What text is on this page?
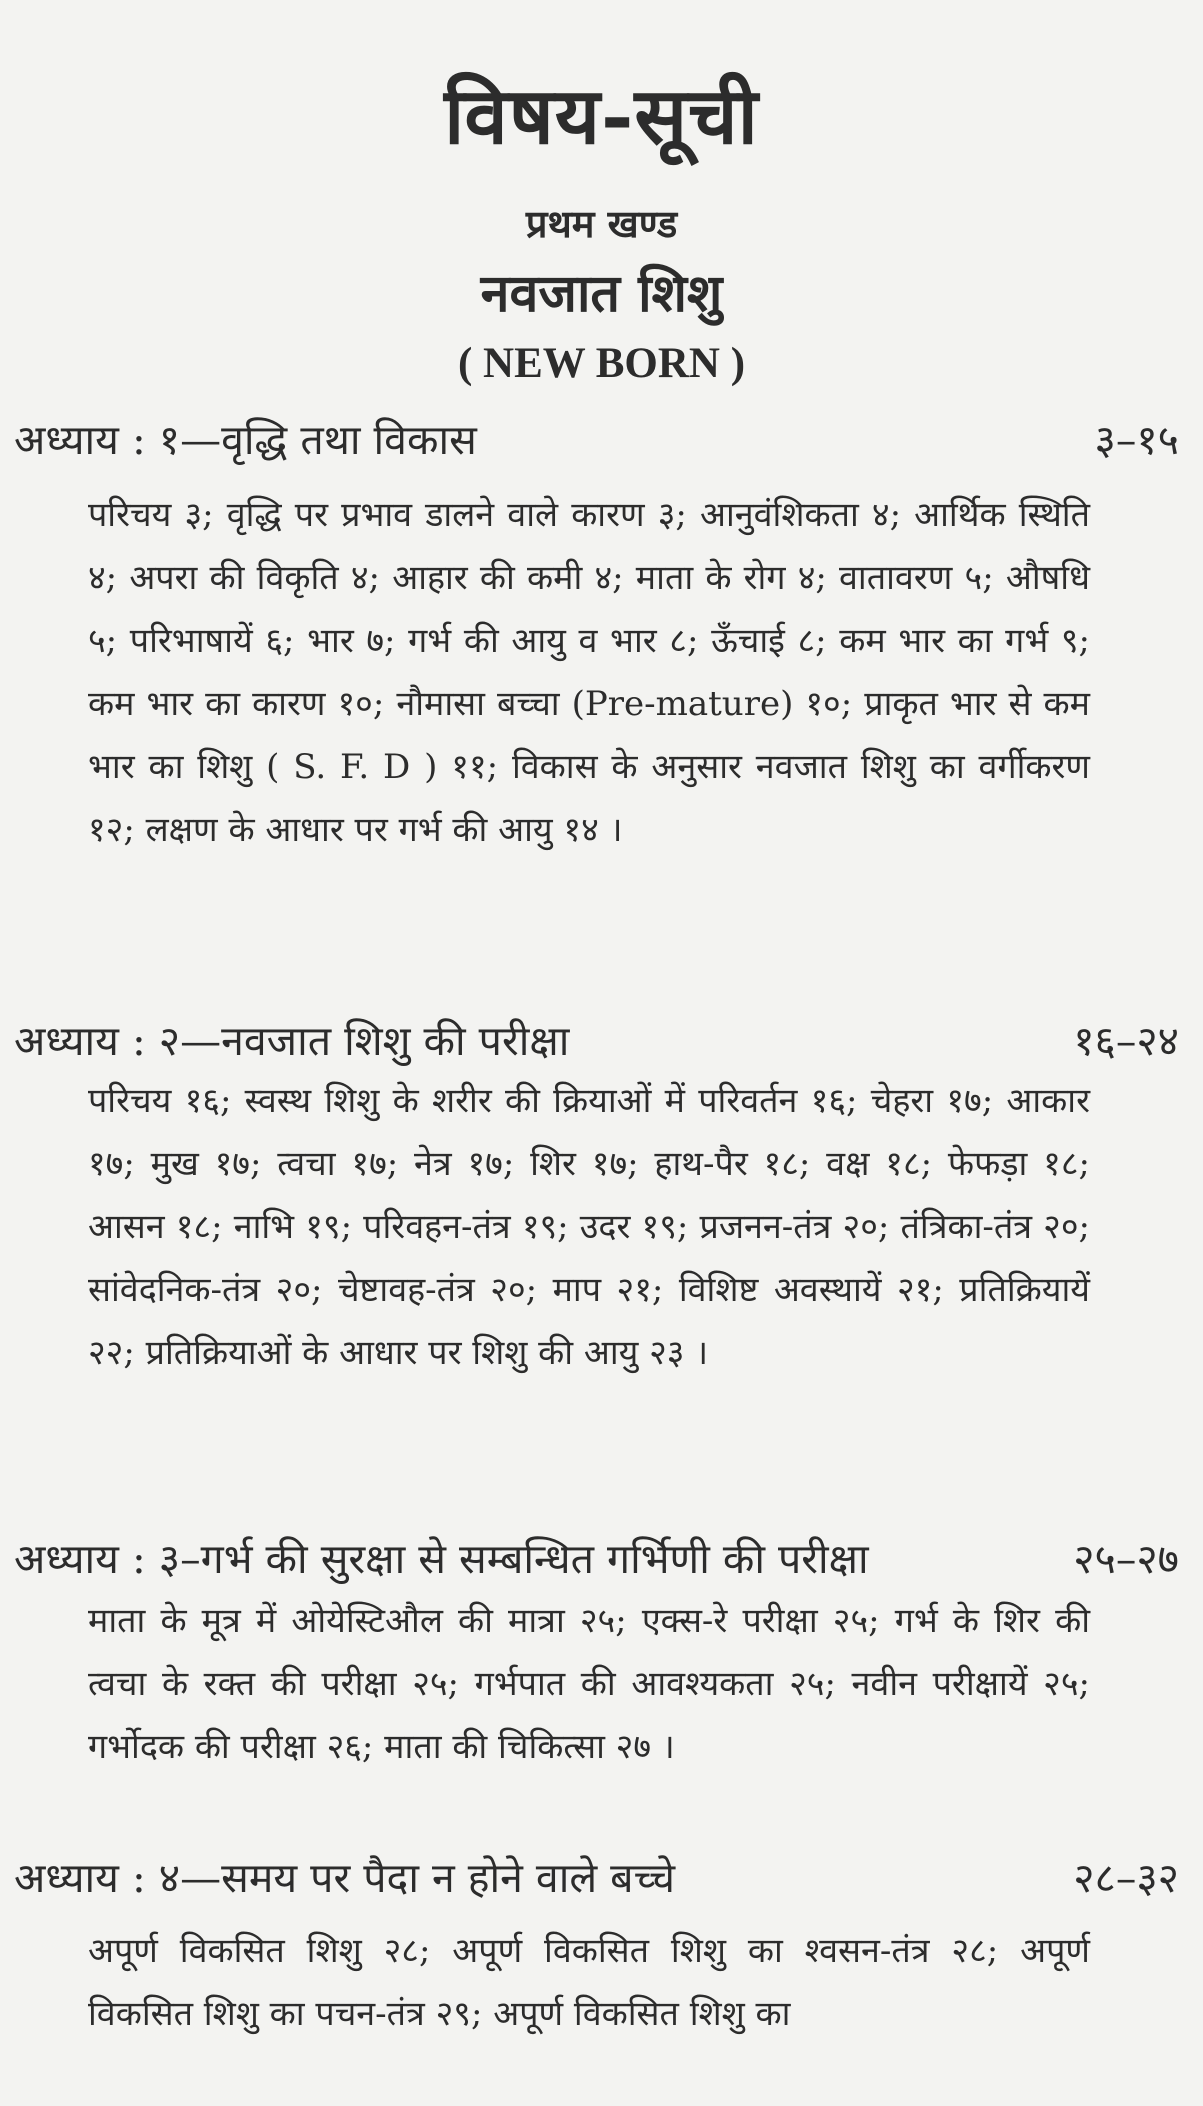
विषय-सूची
प्रथम खण्ड
नवजात शिशु
( NEW BORN )
अध्याय : १—वृद्धि तथा विकास	३–१५
परिचय ३; वृद्धि पर प्रभाव डालने वाले कारण ३; आनुवंशिकता ४; आर्थिक स्थिति ४; अपरा की विकृति ४; आहार की कमी ४; माता के रोग ४; वातावरण ५; औषधि ५; परिभाषायें ६; भार ७; गर्भ की आयु व भार ८; ऊँचाई ८; कम भार का गर्भ ९; कम भार का कारण १०; नौमासा बच्चा (Pre-mature) १०; प्राकृत भार से कम भार का शिशु ( S. F. D ) ११; विकास के अनुसार नवजात शिशु का वर्गीकरण १२; लक्षण के आधार पर गर्भ की आयु १४ ।
अध्याय : २—नवजात शिशु की परीक्षा	१६–२४
परिचय १६; स्वस्थ शिशु के शरीर की क्रियाओं में परिवर्तन १६; चेहरा १७; आकार १७; मुख १७; त्वचा १७; नेत्र १७; शिर १७; हाथ-पैर १८; वक्ष १८; फेफड़ा १८; आसन १८; नाभि १९; परिवहन-तंत्र १९; उदर १९; प्रजनन-तंत्र २०; तंत्रिका-तंत्र २०; सांवेदनिक-तंत्र २०; चेष्टावह-तंत्र २०; माप २१; विशिष्ट अवस्थायें २१; प्रतिक्रियायें २२; प्रतिक्रियाओं के आधार पर शिशु की आयु २३ ।
अध्याय : ३–गर्भ की सुरक्षा से सम्बन्धित गर्भिणी की परीक्षा	२५–२७
माता के मूत्र में ओयेस्टिऔल की मात्रा २५; एक्स-रे परीक्षा २५; गर्भ के शिर की त्वचा के रक्त की परीक्षा २५; गर्भपात की आवश्यकता २५; नवीन परीक्षायें २५; गर्भोदक की परीक्षा २६; माता की चिकित्सा २७ ।
अध्याय : ४—समय पर पैदा न होने वाले बच्चे	२८–३२
अपूर्ण विकसित शिशु २८; अपूर्ण विकसित शिशु का श्वसन-तंत्र २८; अपूर्ण विकसित शिशु का पचन-तंत्र २९; अपूर्ण विकसित शिशु का
